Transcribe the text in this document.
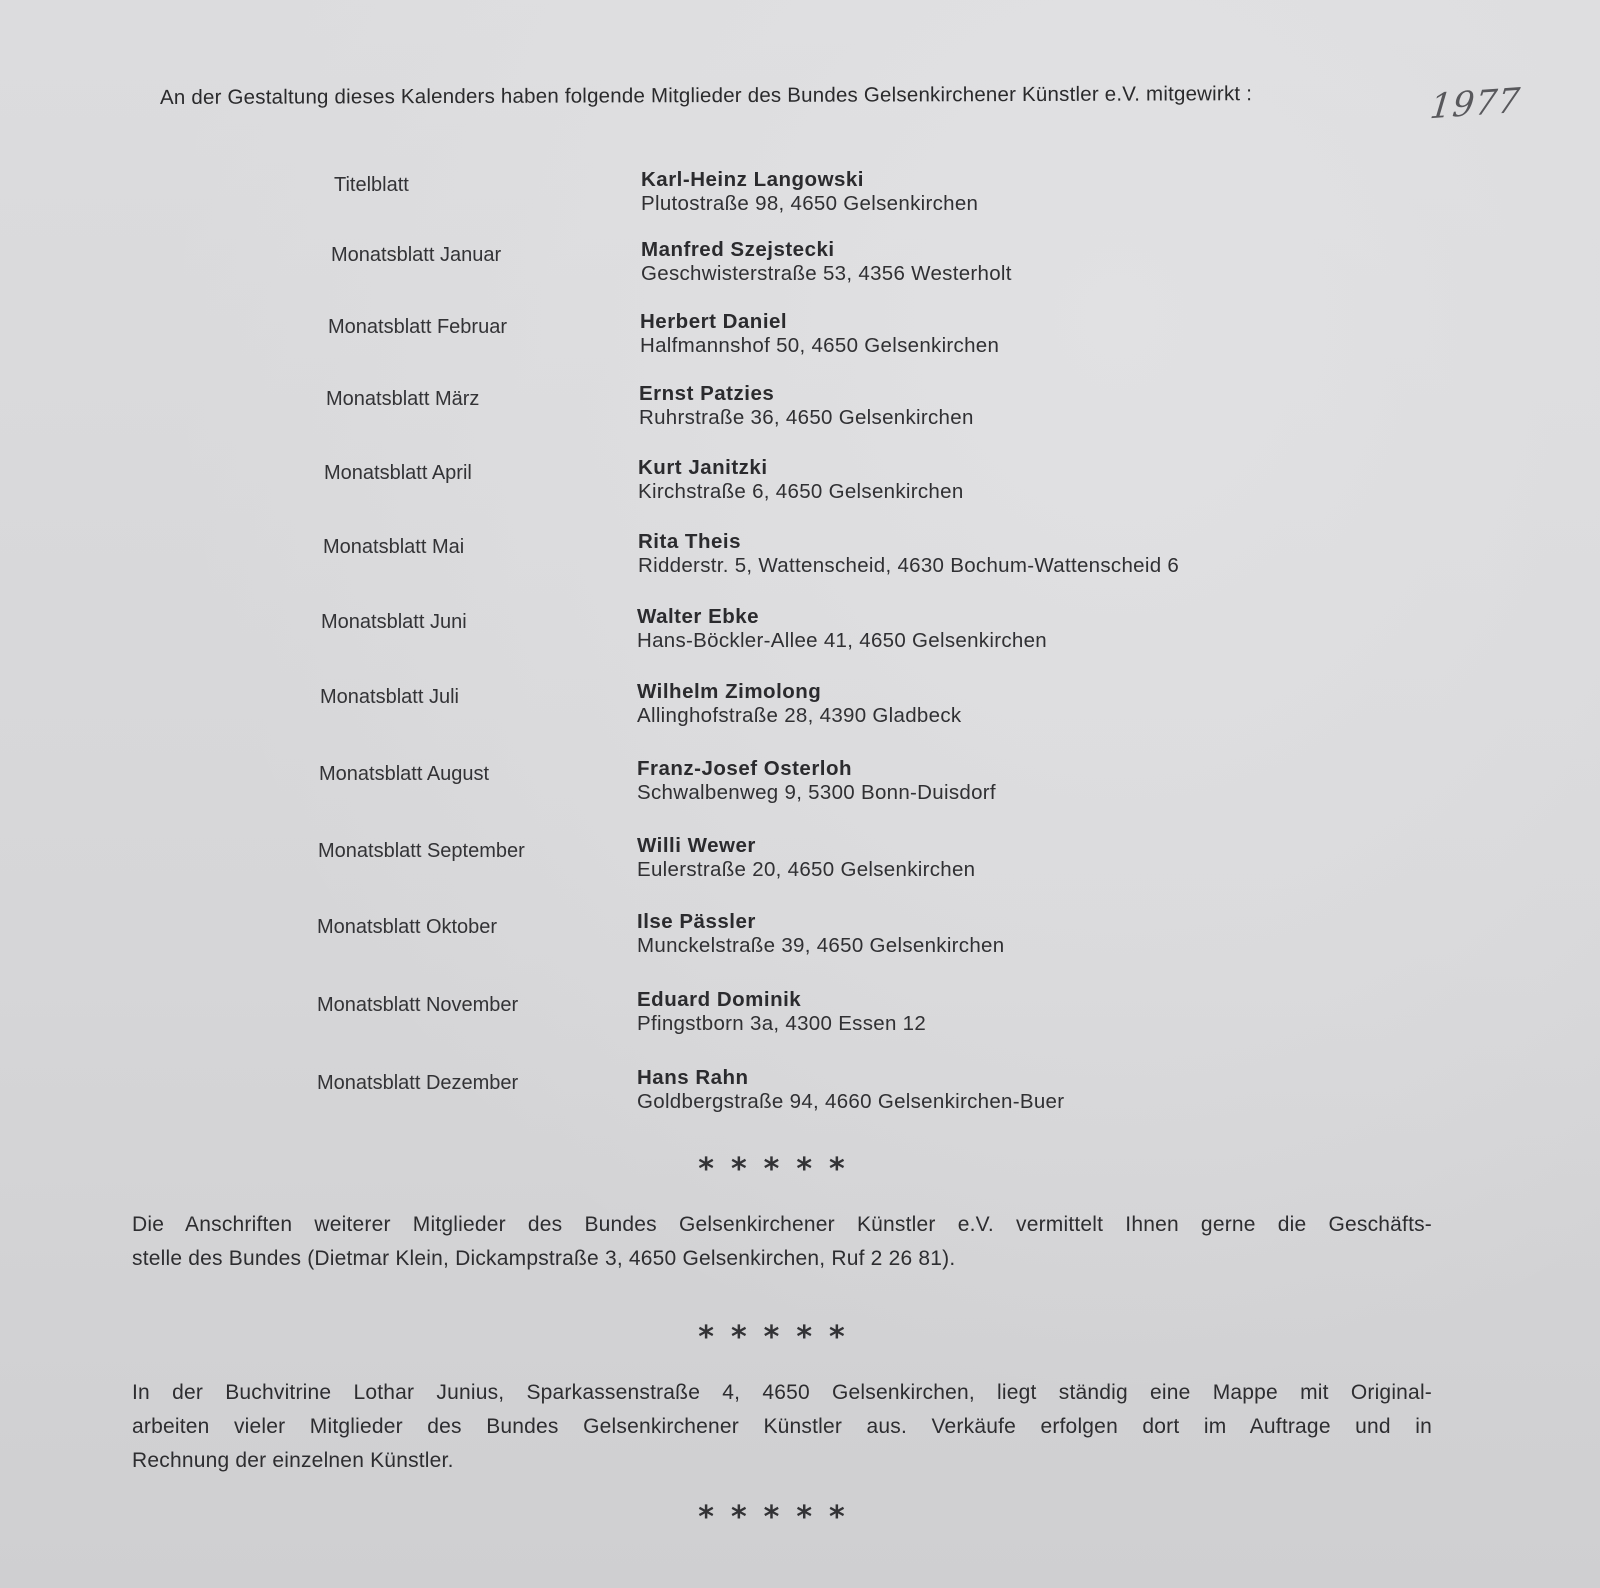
An der Gestaltung dieses Kalenders haben folgende Mitglieder des Bundes Gelsenkirchener Künstler e.V. mitgewirkt :	1977
Titelblatt	Karl-Heinz Langowski
Plutostraße 98, 4650 Gelsenkirchen
Monatsblatt Januar	Manfred Szejstecki
Geschwisterstraße 53, 4356 Westerholt
Monatsblatt Februar	Herbert Daniel
Halfmannshof 50, 4650 Gelsenkirchen
Monatsblatt März	Ernst Patzies
Ruhrstraße 36, 4650 Gelsenkirchen
Monatsblatt April	Kurt Janitzki
Kirchstraße 6, 4650 Gelsenkirchen
Monatsblatt Mai	Rita Theis
Ridderstr. 5, Wattenscheid, 4630 Bochum-Wattenscheid 6
Monatsblatt Juni	Walter Ebke
Hans-Böckler-Allee 41, 4650 Gelsenkirchen
Monatsblatt Juli	Wilhelm Zimolong
Allinghofstraße 28, 4390 Gladbeck
Monatsblatt August	Franz-Josef Osterloh
Schwalbenweg 9, 5300 Bonn-Duisdorf
Monatsblatt September	Willi Wewer
Eulerstraße 20, 4650 Gelsenkirchen
Monatsblatt Oktober	Ilse Pässler
Munckelstraße 39, 4650 Gelsenkirchen
Monatsblatt November	Eduard Dominik
Pfingstborn 3a, 4300 Essen 12
Monatsblatt Dezember	Hans Rahn
Goldbergstraße 94, 4660 Gelsenkirchen-Buer
*****
Die Anschriften weiterer Mitglieder des Bundes Gelsenkirchener Künstler e.V. vermittelt Ihnen gerne die Geschäfts-
stelle des Bundes (Dietmar Klein, Dickampstraße 3, 4650 Gelsenkirchen, Ruf 2 26 81).
*****
In der Buchvitrine Lothar Junius, Sparkassenstraße 4, 4650 Gelsenkirchen, liegt ständig eine Mappe mit Original-
arbeiten vieler Mitglieder des Bundes Gelsenkirchener Künstler aus. Verkäufe erfolgen dort im Auftrage und in
Rechnung der einzelnen Künstler.
*****
